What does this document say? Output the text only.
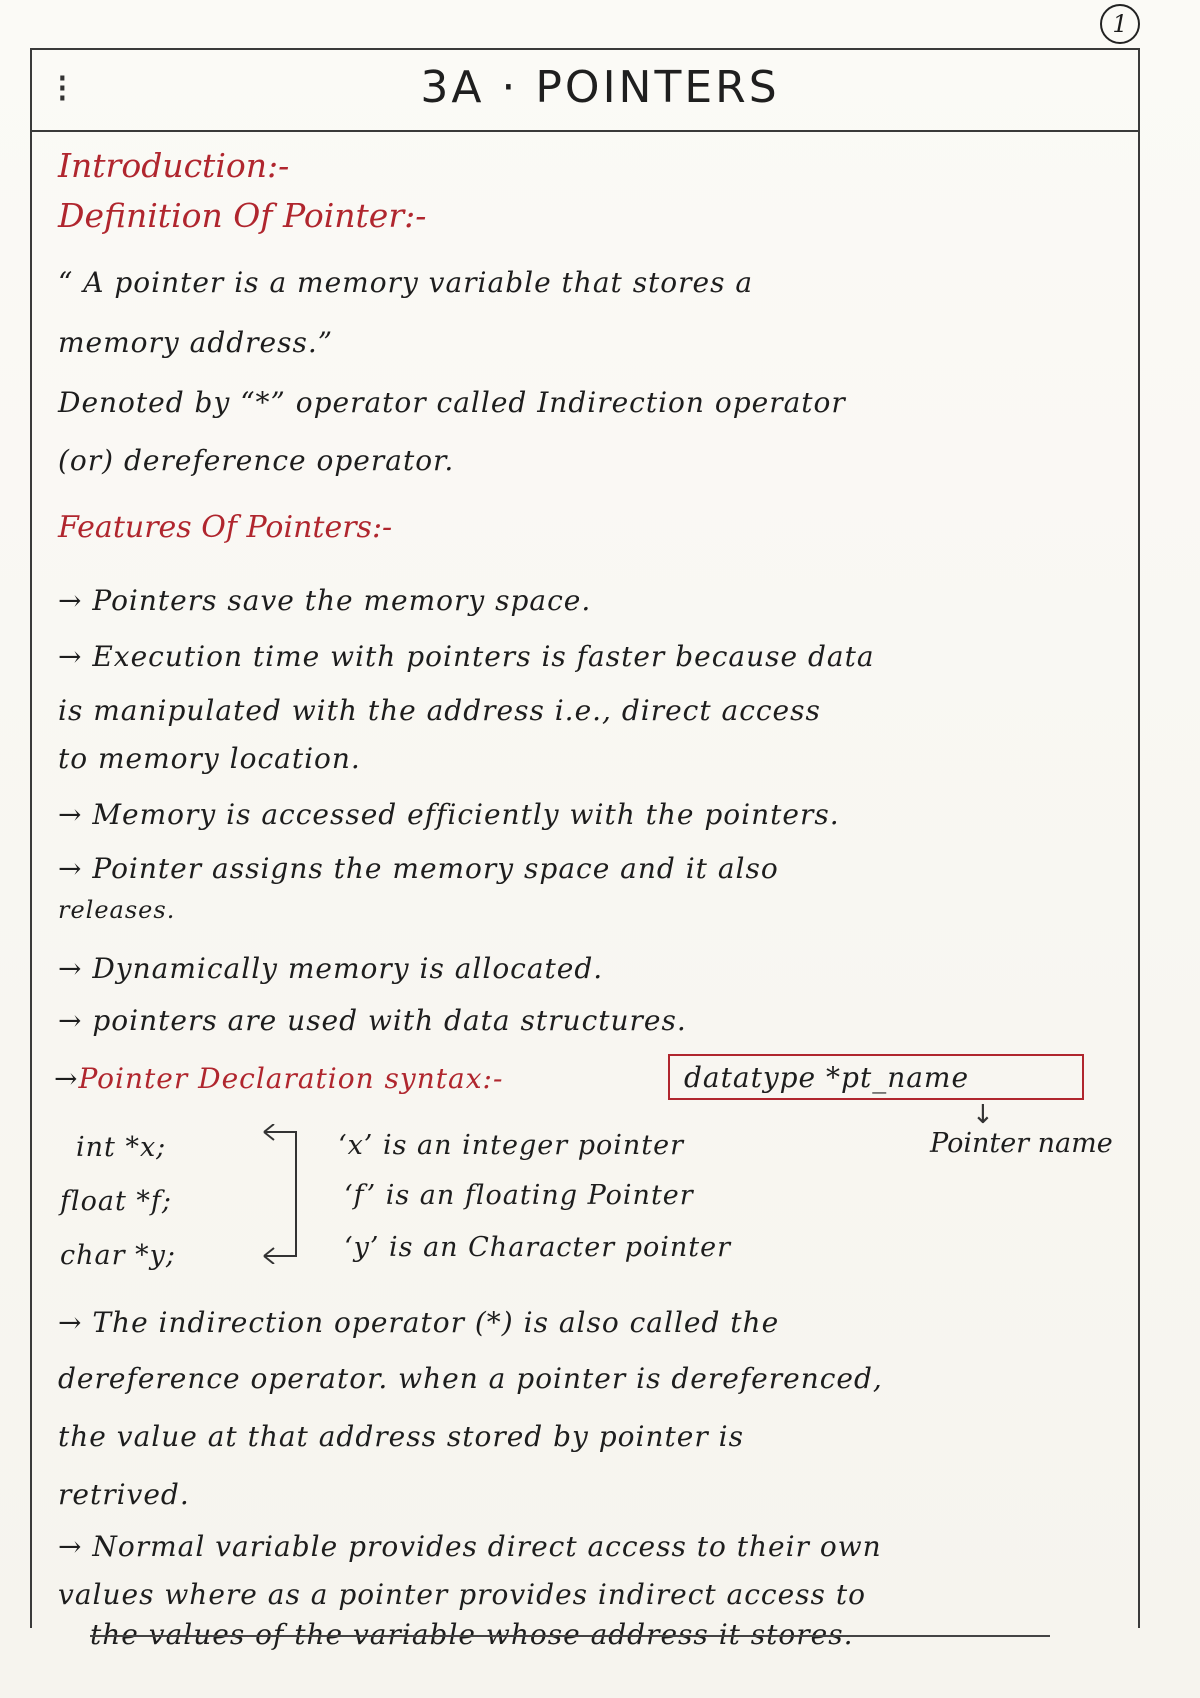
1
⁝	3A · POINTERS
Introduction:-
Definition Of Pointer:-
“ A pointer is a memory variable that stores a
memory address.”
Denoted by “*” operator called Indirection operator
(or) dereference operator.
Features Of Pointers:-
→ Pointers save the memory space.
→ Execution time with pointers is faster because data
is manipulated with the address i.e., direct access
to memory location.
→ Memory is accessed efficiently with the pointers.
→ Pointer assigns the memory space and it also
releases.
→ Dynamically memory is allocated.
→ pointers are used with data structures.
→Pointer Declaration syntax:-	datatype *pt_name
↓
Pointer name
int *x;
float *f;
char *y;
‘x’ is an integer pointer
‘f’ is an floating Pointer
‘y’ is an Character pointer
→ The indirection operator (*) is also called the
dereference operator. when a pointer is dereferenced,
the value at that address stored by pointer is
retrived.
→ Normal variable provides direct access to their own
values where as a pointer provides indirect access to
the values of the variable whose address it stores.
